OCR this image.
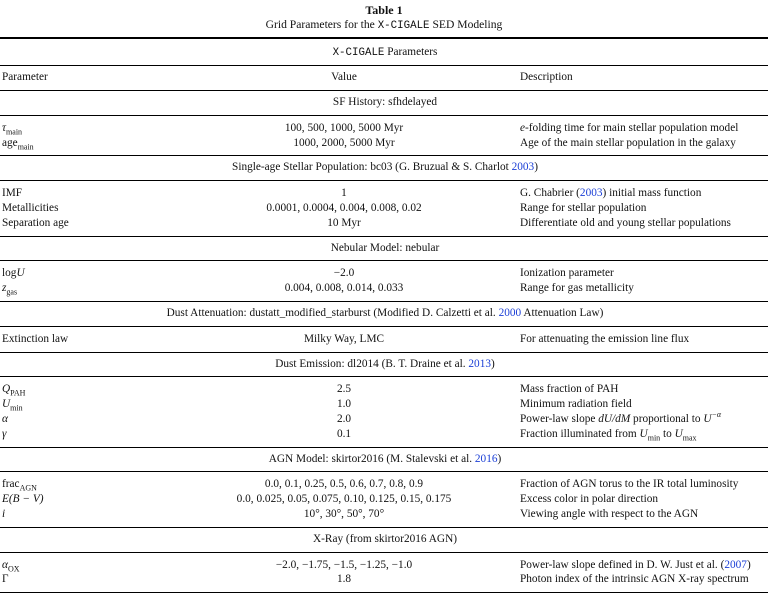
Table 1
Grid Parameters for the X-CIGALE SED Modeling

X-CIGALE Parameters		
Parameter	Value	Description
SF History: sfhdelayed		
$\tau_{main}$	100, 500, 1000, 5000 Myr	e-folding time for main stellar population model
age$_{main}$	1000, 2000, 5000 Myr	Age of the main stellar population in the galaxy
Single-age Stellar Population: bc03 (G. Bruzual & S. Charlot 2003)		
IMF	1	G. Chabrier (2003) initial mass function
Metallicities	0.0001, 0.0004, 0.004, 0.008, 0.02	Range for stellar population
Separation age	10 Myr	Differentiate old and young stellar populations
Nebular Model: nebular		
logU	−2.0	Ionization parameter
$z_{gas}$	0.004, 0.008, 0.014, 0.033	Range for gas metallicity
Dust Attenuation: dustatt_modified_starburst (Modified D. Calzetti et al. 2000 Attenuation Law)		
Extinction law	Milky Way, LMC	For attenuating the emission line flux
Dust Emission: dl2014 (B. T. Draine et al. 2013)		
$Q_{PAH}$	2.5	Mass fraction of PAH
$U_{min}$	1.0	Minimum radiation field
α	2.0	Power-law slope dU/dM proportional to $U^{-\alpha}$
γ	0.1	Fraction illuminated from $U_{min}$ to $U_{max}$
AGN Model: skirtor2016 (M. Stalevski et al. 2016)		
frac$_{AGN}$	0.0, 0.1, 0.25, 0.5, 0.6, 0.7, 0.8, 0.9	Fraction of AGN torus to the IR total luminosity
E(B − V)	0.0, 0.025, 0.05, 0.075, 0.10, 0.125, 0.15, 0.175	Excess color in polar direction
i	10°, 30°, 50°, 70°	Viewing angle with respect to the AGN
X-Ray (from skirtor2016 AGN)		
$\alpha_{OX}$	−2.0, −1.75, −1.5, −1.25, −1.0	Power-law slope defined in D. W. Just et al. (2007)
Γ	1.8	Photon index of the intrinsic AGN X-ray spectrum
